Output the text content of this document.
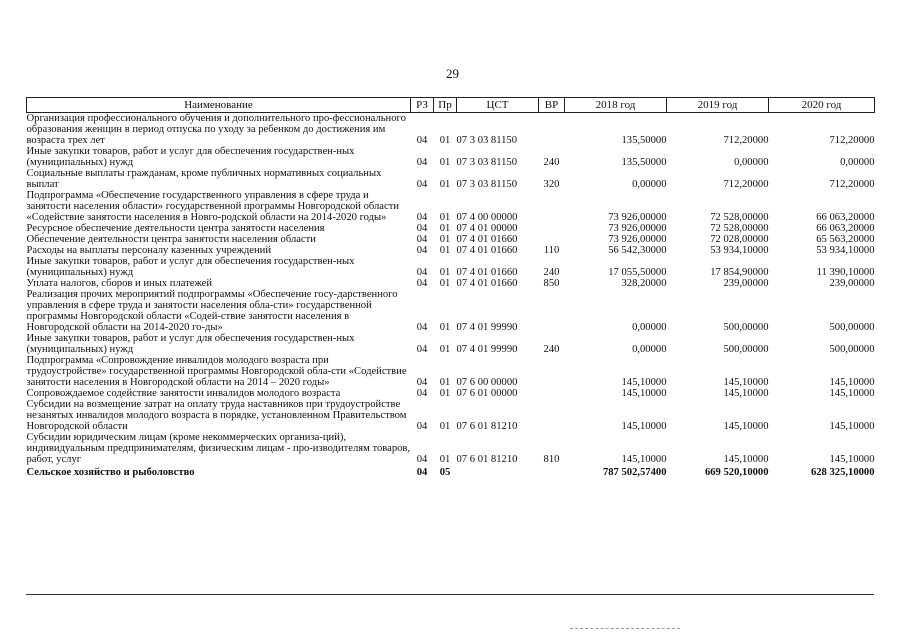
29
Наименование	РЗ	Пр	ЦСТ	ВР	2018 год	2019 год	2020 год
Организация профессионального обучения и дополнительного про-фессионального образования женщин в период отпуска по уходу за ребенком до достижения им возраста трех лет	04	01	07 3 03 81150		135,50000	712,20000	712,20000
Иные закупки товаров, работ и услуг для обеспечения государствен-ных (муниципальных) нужд	04	01	07 3 03 81150	240	135,50000	0,00000	0,00000
Социальные выплаты гражданам, кроме публичных нормативных социальных выплат	04	01	07 3 03 81150	320	0,00000	712,20000	712,20000
Подпрограмма «Обеспечение государственного управления в сфере труда и занятости населения области» государственной программы Новгородской области «Содействие занятости населения в Новго-родской области на 2014-2020 годы»	04	01	07 4 00 00000		73 926,00000	72 528,00000	66 063,20000
Ресурсное обеспечение деятельности центра занятости населения	04	01	07 4 01 00000		73 926,00000	72 528,00000	66 063,20000
Обеспечение деятельности центра занятости населения области	04	01	07 4 01 01660		73 926,00000	72 028,00000	65 563,20000
Расходы на выплаты персоналу казенных учреждений	04	01	07 4 01 01660	110	56 542,30000	53 934,10000	53 934,10000
Иные закупки товаров, работ и услуг для обеспечения государствен-ных (муниципальных) нужд	04	01	07 4 01 01660	240	17 055,50000	17 854,90000	11 390,10000
Уплата налогов, сборов и иных платежей	04	01	07 4 01 01660	850	328,20000	239,00000	239,00000
Реализация прочих мероприятий подпрограммы «Обеспечение госу-дарственного управления в сфере труда и занятости населения обла-сти» государственной программы Новгородской области «Содей-ствие занятости населения в Новгородской области на 2014-2020 го-ды»	04	01	07 4 01 99990		0,00000	500,00000	500,00000
Иные закупки товаров, работ и услуг для обеспечения государствен-ных (муниципальных) нужд	04	01	07 4 01 99990	240	0,00000	500,00000	500,00000
Подпрограмма «Сопровождение инвалидов молодого возраста при трудоустройстве» государственной программы Новгородской обла-сти «Содействие занятости населения в Новгородской области на 2014 – 2020 годы»	04	01	07 6 00 00000		145,10000	145,10000	145,10000
Сопровождаемое содействие занятости инвалидов молодого возраста	04	01	07 6 01 00000		145,10000	145,10000	145,10000
Субсидии на возмещение затрат на оплату труда наставников при трудоустройстве незанятых инвалидов молодого возраста в порядке, установленном Правительством Новгородской области	04	01	07 6 01 81210		145,10000	145,10000	145,10000
Субсидии юридическим лицам (кроме некоммерческих организа-ций), индивидуальным предпринимателям, физическим лицам - про-изводителям товаров, работ, услуг	04	01	07 6 01 81210	810	145,10000	145,10000	145,10000
Сельское хозяйство и рыболовство	04	05			787 502,57400	669 520,10000	628 325,10000
